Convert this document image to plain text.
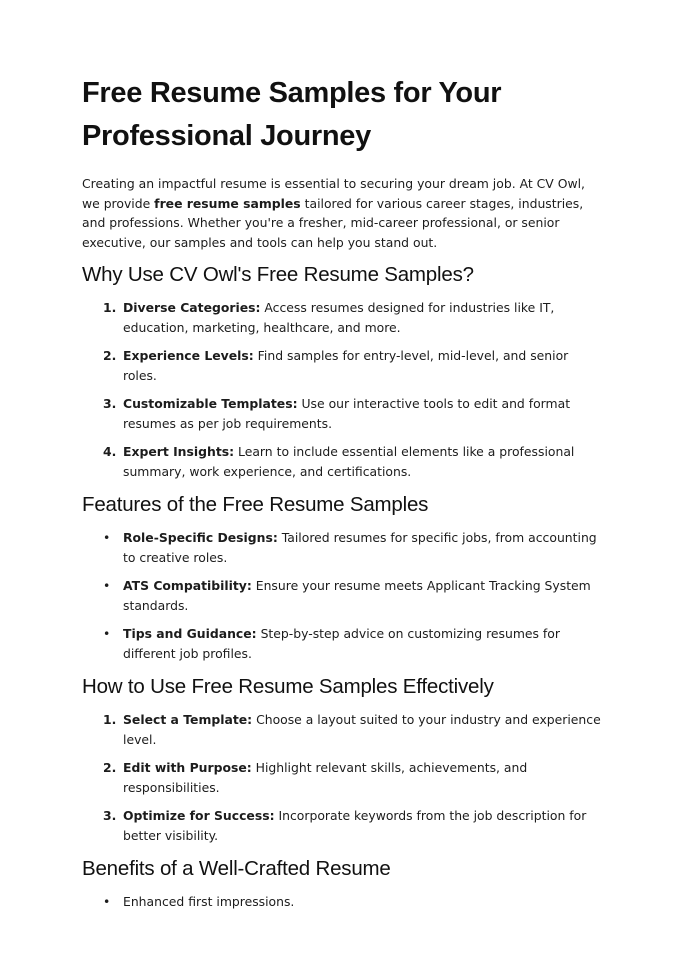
Free Resume Samples for Your Professional Journey

Creating an impactful resume is essential to securing your dream job. At CV Owl, we provide free resume samples tailored for various career stages, industries, and professions. Whether you're a fresher, mid-career professional, or senior executive, our samples and tools can help you stand out.

Why Use CV Owl's Free Resume Samples?
1. Diverse Categories: Access resumes designed for industries like IT, education, marketing, healthcare, and more.
2. Experience Levels: Find samples for entry-level, mid-level, and senior roles.
3. Customizable Templates: Use our interactive tools to edit and format resumes as per job requirements.
4. Expert Insights: Learn to include essential elements like a professional summary, work experience, and certifications.
Features of the Free Resume Samples
• Role-Specific Designs: Tailored resumes for specific jobs, from accounting to creative roles.
• ATS Compatibility: Ensure your resume meets Applicant Tracking System standards.
• Tips and Guidance: Step-by-step advice on customizing resumes for different job profiles.
How to Use Free Resume Samples Effectively
1. Select a Template: Choose a layout suited to your industry and experience level.
2. Edit with Purpose: Highlight relevant skills, achievements, and responsibilities.
3. Optimize for Success: Incorporate keywords from the job description for better visibility.
Benefits of a Well-Crafted Resume
• Enhanced first impressions.
